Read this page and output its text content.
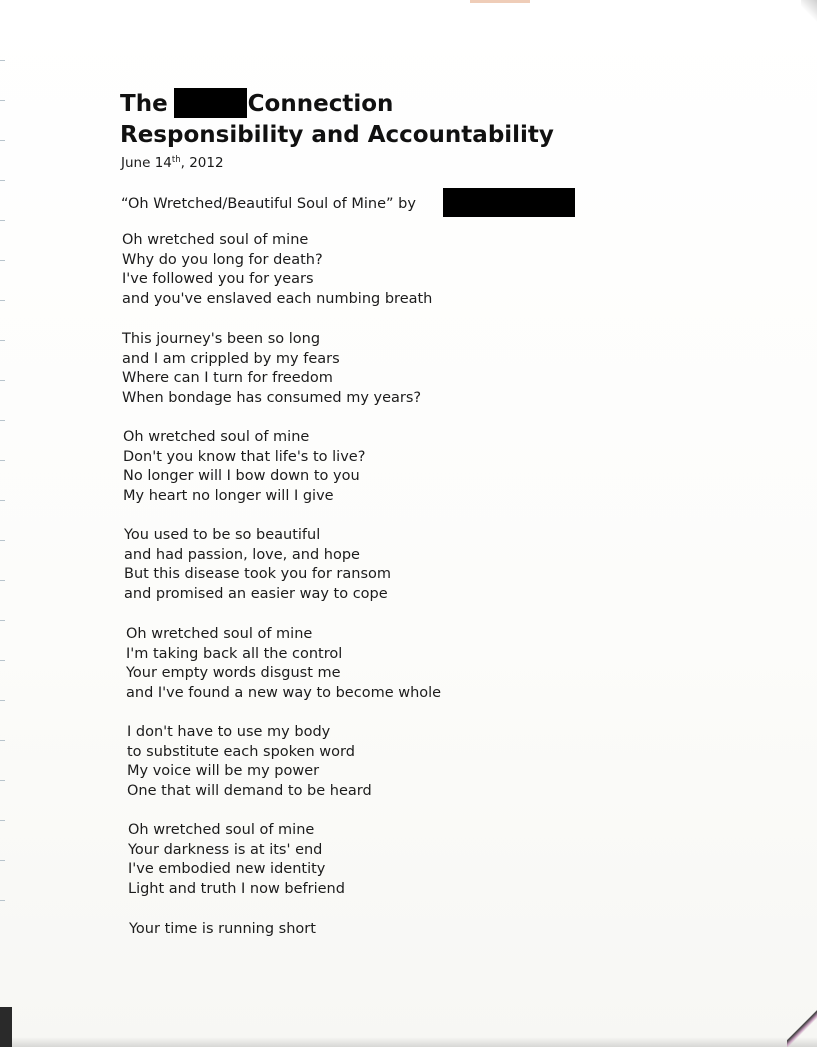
The	Connection
Responsibility and Accountability
June 14th, 2012
“Oh Wretched/Beautiful Soul of Mine” by
Oh wretched soul of mine
Why do you long for death?
I've followed you for years
and you've enslaved each numbing breath
This journey's been so long
and I am crippled by my fears
Where can I turn for freedom
When bondage has consumed my years?
Oh wretched soul of mine
Don't you know that life's to live?
No longer will I bow down to you
My heart no longer will I give
You used to be so beautiful
and had passion, love, and hope
But this disease took you for ransom
and promised an easier way to cope
Oh wretched soul of mine
I'm taking back all the control
Your empty words disgust me
and I've found a new way to become whole
I don't have to use my body
to substitute each spoken word
My voice will be my power
One that will demand to be heard
Oh wretched soul of mine
Your darkness is at its' end
I've embodied new identity
Light and truth I now befriend
Your time is running short
